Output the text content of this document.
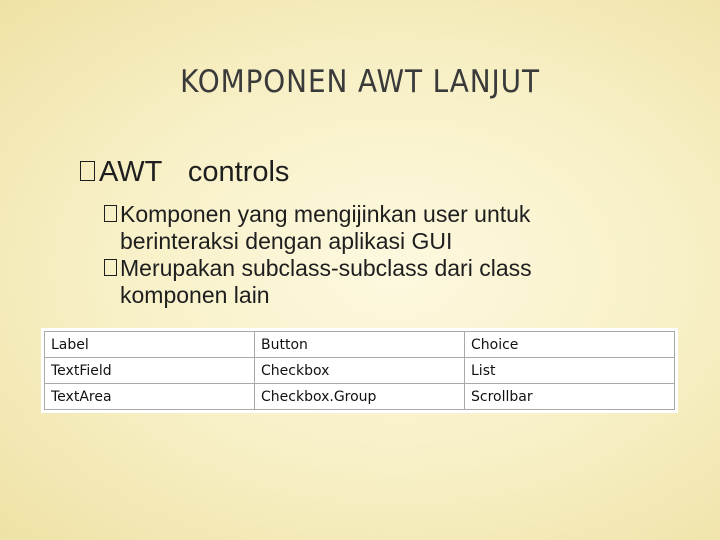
KOMPONEN AWT LANJUT
AWT controls
Komponen yang mengijinkan user untuk berinteraksi dengan aplikasi GUI
Merupakan subclass-subclass dari class komponen lain
Label	Button	Choice
TextField	Checkbox	List
TextArea	Checkbox.Group	Scrollbar
